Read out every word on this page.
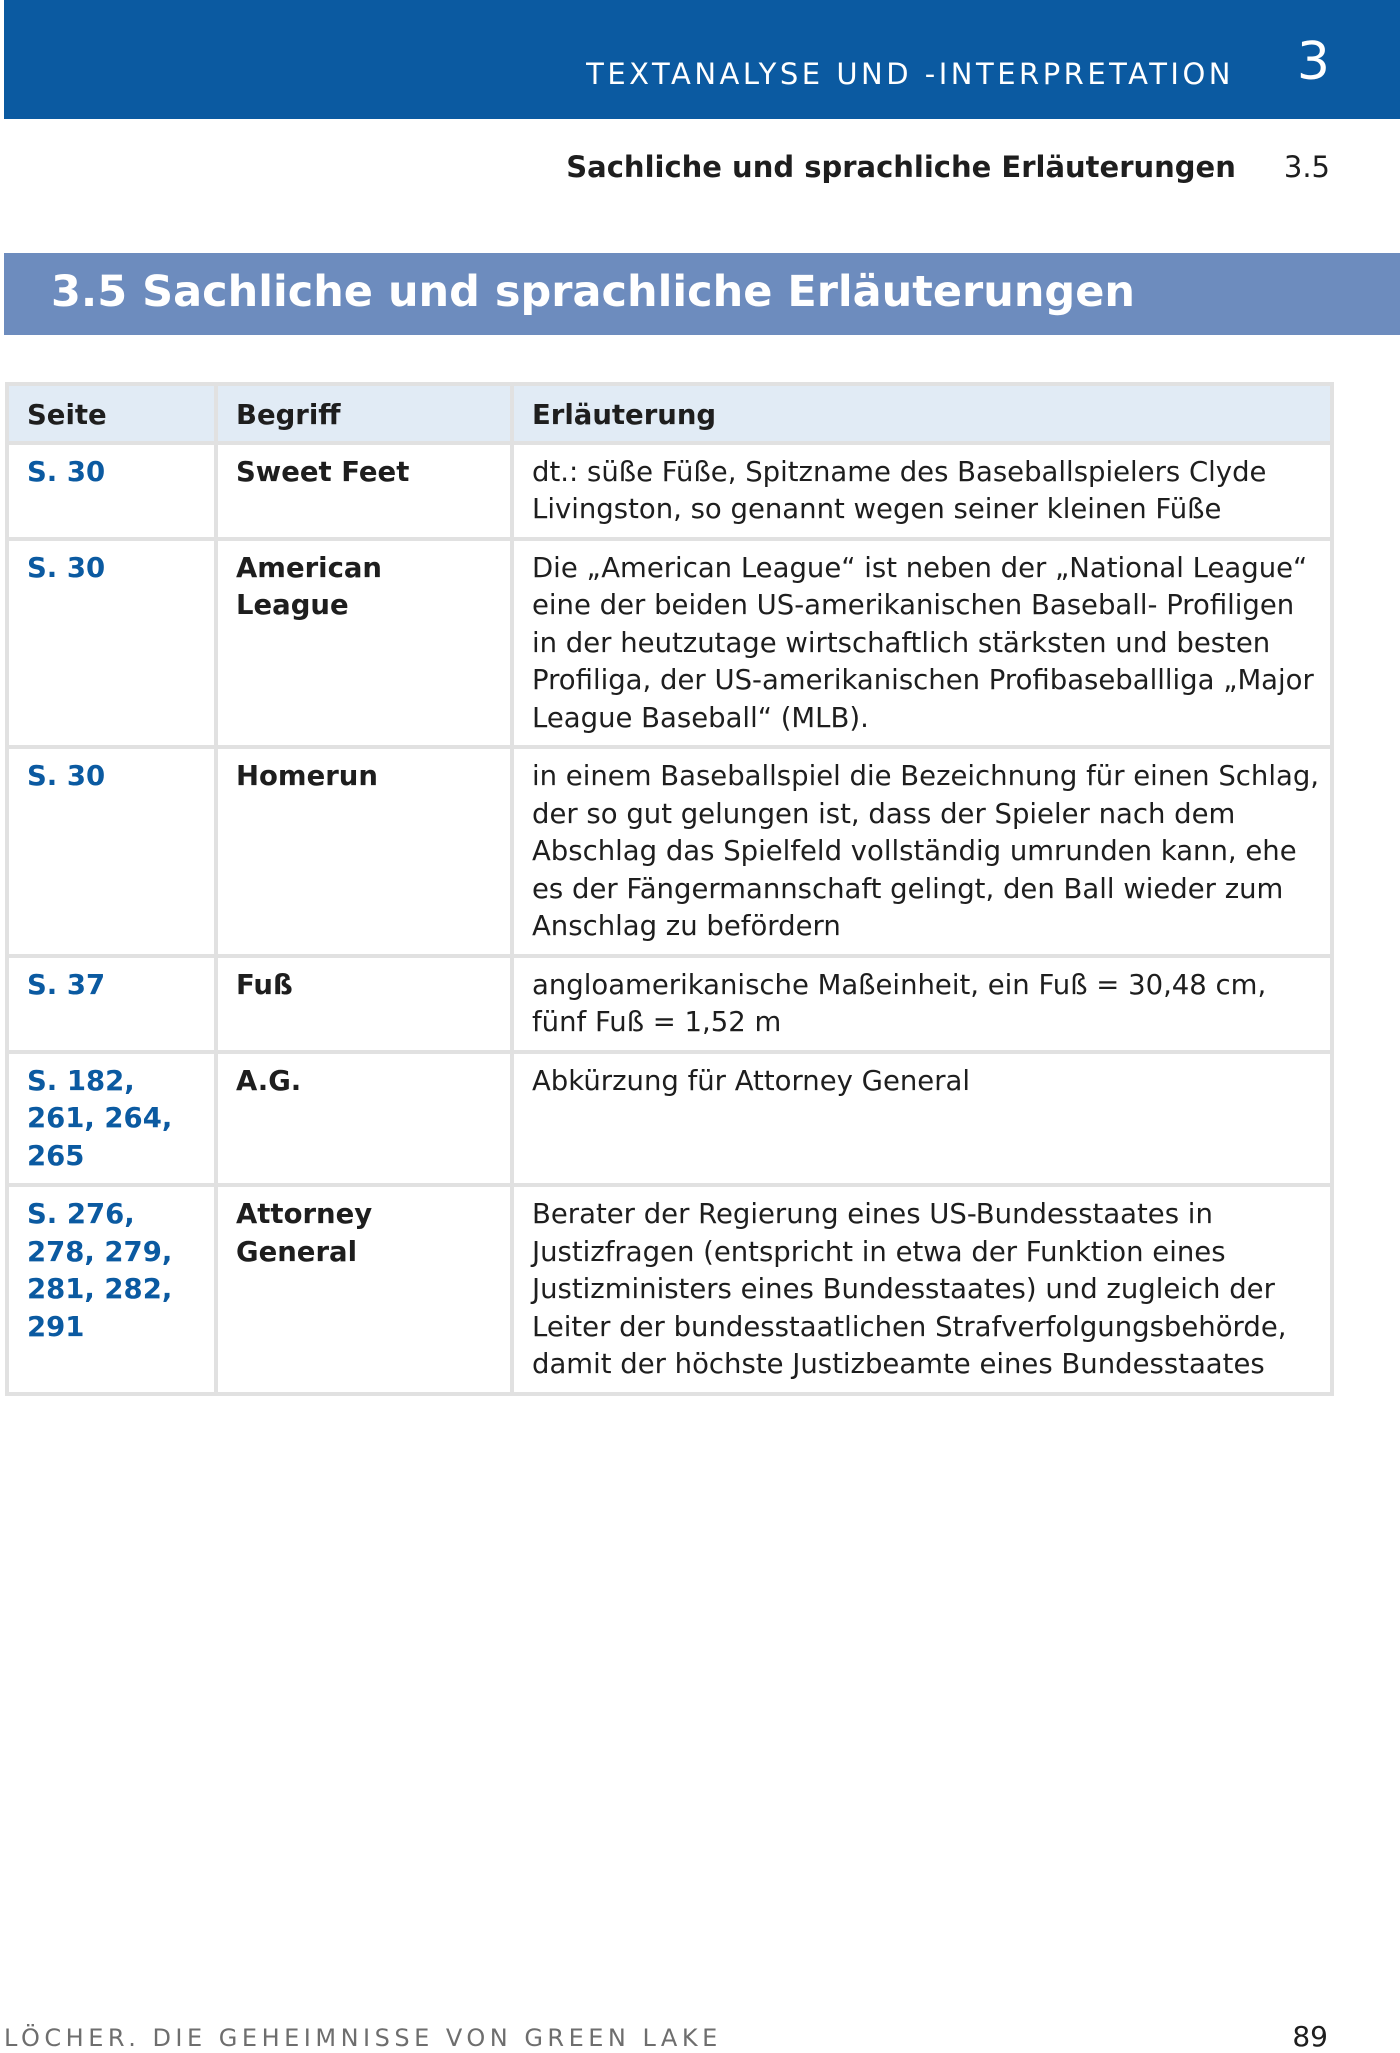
TEXTANALYSE UND -INTERPRETATION 3
Sachliche und sprachliche Erläuterungen 3.5
3.5 Sachliche und sprachliche Erläuterungen
Seite	Begriff	Erläuterung
S. 30	Sweet Feet	dt.: süße Füße, Spitzname des Baseballspielers Clyde Livingston, so genannt wegen seiner kleinen Füße
S. 30	American League	Die „American League“ ist neben der „National League“ eine der beiden US-amerikanischen Baseball- Profiligen in der heutzutage wirtschaftlich stärksten und besten Profiliga, der US-amerikanischen Profibaseballliga „Major League Baseball“ (MLB).
S. 30	Homerun	in einem Baseballspiel die Bezeichnung für einen Schlag, der so gut gelungen ist, dass der Spieler nach dem Abschlag das Spielfeld vollständig umrunden kann, ehe es der Fängermannschaft gelingt, den Ball wieder zum Anschlag zu befördern
S. 37	Fuß	angloamerikanische Maßeinheit, ein Fuß = 30,48 cm, fünf Fuß = 1,52 m
S. 182, 261, 264, 265	A.G.	Abkürzung für Attorney General
S. 276, 278, 279, 281, 282, 291	Attorney General	Berater der Regierung eines US-Bundesstaates in Justizfragen (entspricht in etwa der Funktion eines Justizministers eines Bundesstaates) und zugleich der Leiter der bundesstaatlichen Strafverfolgungsbehörde, damit der höchste Justizbeamte eines Bundesstaates
LÖCHER. DIE GEHEIMNISSE VON GREEN LAKE	89
